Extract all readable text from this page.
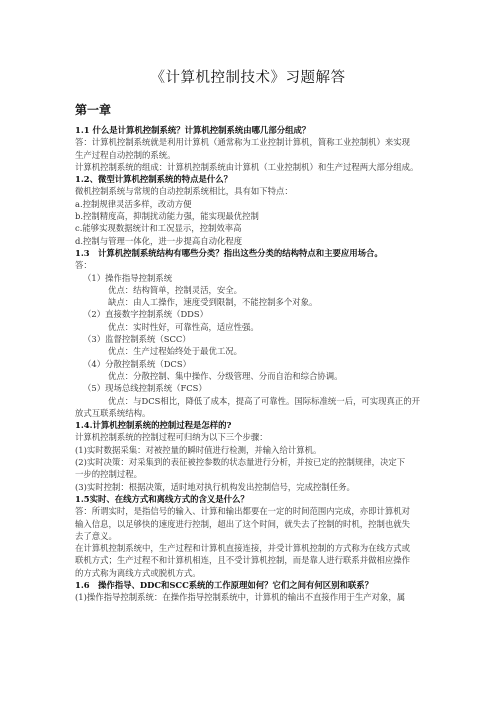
《计算机控制技术》习题解答
第一章

1.1 什么是计算机控制系统？计算机控制系统由哪几部分组成？

答：计算机控制系统就是利用计算机（通常称为工业控制计算机，简称工业控制机）来实现

生产过程自动控制的系统。

计算机控制系统的组成：计算机控制系统由计算机（工业控制机）和生产过程两大部分组成。

1.2、微型计算机控制系统的特点是什么？

微机控制系统与常规的自动控制系统相比，具有如下特点：

a.控制规律灵活多样，改动方便

b.控制精度高，抑制扰动能力强，能实现最优控制

c.能够实现数据统计和工况显示，控制效率高

d.控制与管理一体化，进一步提高自动化程度

1.3　计算机控制系统结构有哪些分类？指出这些分类的结构特点和主要应用场合。

答：

（1）操作指导控制系统

优点：结构简单，控制灵活，安全。

缺点：由人工操作，速度受到限制，不能控制多个对象。

（2）直接数字控制系统（DDS）

优点：实时性好，可靠性高，适应性强。

（3）监督控制系统（SCC）

优点：生产过程始终处于最优工况。

（4）分散控制系统（DCS）

优点：分散控制、集中操作、分级管理、分而自治和综合协调。

（5）现场总线控制系统（FCS）

优点：与DCS相比，降低了成本，提高了可靠性。国际标准统一后，可实现真正的开

放式互联系统结构。

1.4.计算机控制系统的控制过程是怎样的?

计算机控制系统的控制过程可归纳为以下三个步骤：

(1)实时数据采集：对被控量的瞬时值进行检测，并输入给计算机。

(2)实时决策：对采集到的表征被控参数的状态量进行分析，并按已定的控制规律，决定下

一步的控制过程。

(3)实时控制：根据决策，适时地对执行机构发出控制信号，完成控制任务。

1.5实时、在线方式和离线方式的含义是什么？

答：所谓实时，是指信号的输入、计算和输出都要在一定的时间范围内完成，亦即计算机对

输入信息，以足够快的速度进行控制，超出了这个时间，就失去了控制的时机，控制也就失

去了意义。

在计算机控制系统中，生产过程和计算机直接连接，并受计算机控制的方式称为在线方式或

联机方式；生产过程不和计算机相连，且不受计算机控制，而是靠人进行联系并做相应操作

的方式称为离线方式或脱机方式。

1.6　操作指导、DDC和SCC系统的工作原理如何？它们之间有何区别和联系？

(1)操作指导控制系统：在操作指导控制系统中，计算机的输出不直接作用于生产对象，属
